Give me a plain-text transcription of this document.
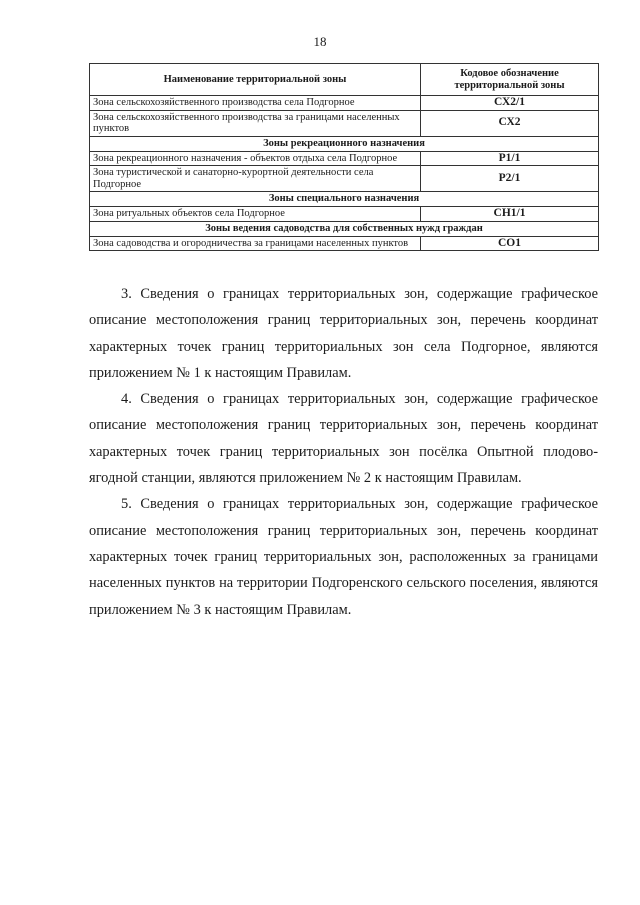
18
Наименование территориальной зоны	Кодовое обозначение территориальной зоны
Зона сельскохозяйственного производства села Подгорное	СХ2/1
Зона сельскохозяйственного производства за границами населенных пунктов	СХ2
Зоны рекреационного назначения	
Зона рекреационного назначения - объектов отдыха села Подгорное	Р1/1
Зона туристической и санаторно-курортной деятельности села Подгорное	Р2/1
Зоны специального назначения	
Зона ритуальных объектов села Подгорное	СН1/1
Зоны ведения садоводства для собственных нужд граждан	
Зона садоводства и огородничества за границами населенных пунктов	СО1

3. Сведения о границах территориальных зон, содержащие графическое описание местоположения границ территориальных зон, перечень координат характерных точек границ территориальных зон села Подгорное, являются приложением № 1 к настоящим Правилам.

4. Сведения о границах территориальных зон, содержащие графическое описание местоположения границ территориальных зон, перечень координат характерных точек границ территориальных зон посёлка Опытной плодово-ягодной станции, являются приложением № 2 к настоящим Правилам.

5. Сведения о границах территориальных зон, содержащие графическое описание местоположения границ территориальных зон, перечень координат характерных точек границ территориальных зон, расположенных за границами населенных пунктов на территории Подгоренского сельского поселения, являются приложением № 3 к настоящим Правилам.
